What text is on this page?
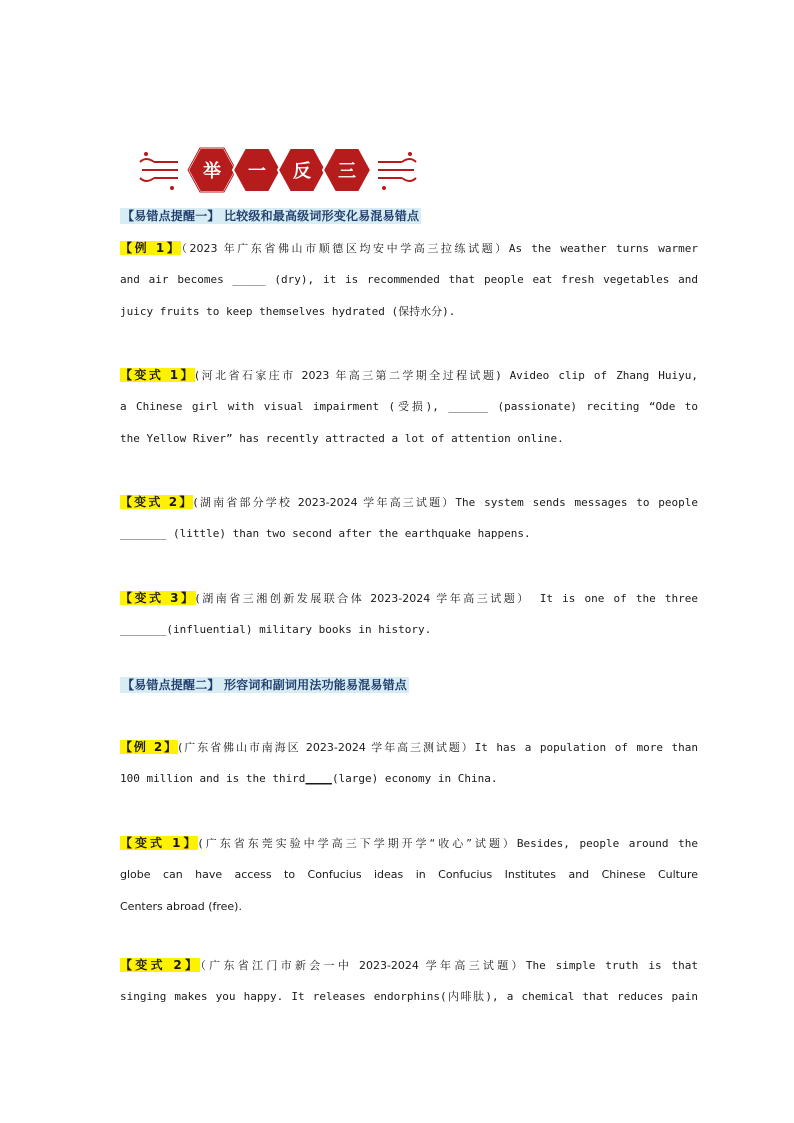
举 一 反 三
【易错点提醒一】 比较级和最高级词形变化易混易错点
【例 1】（2023 年广东省佛山市顺德区均安中学高三拉练试题）As the weather turns warmer
and air becomes _____ (dry), it is recommended that people eat fresh vegetables and
juicy fruits to keep themselves hydrated (保持水分).
【变式 1】(河北省石家庄市 2023 年高三第二学期全过程试题) Avideo clip of Zhang Huiyu,
a Chinese girl with visual impairment (受损), ______ (passionate) reciting “Ode to
the Yellow River” has recently attracted a lot of attention online.
【变式 2】(湖南省部分学校 2023-2024 学年高三试题）The system sends messages to people
_______ (little) than two second after the earthquake happens.
【变式 3】(湖南省三湘创新发展联合体 2023-2024 学年高三试题） It is one of the three
_______(influential) military books in history.
【易错点提醒二】 形容词和副词用法功能易混易错点
【例 2】(广东省佛山市南海区 2023-2024 学年高三测试题）It has a population of more than
100 million and is the third____(large) economy in China.
【变式 1】(广东省东莞实验中学高三下学期开学“收心”试题）Besides, people around the
globe can have access to Confucius ideas in Confucius Institutes and Chinese Culture
Centers abroad (free).
【变式 2】（广东省江门市新会一中 2023-2024 学年高三试题）The simple truth is that
singing makes you happy. It releases endorphins(内啡肽), a chemical that reduces pain
